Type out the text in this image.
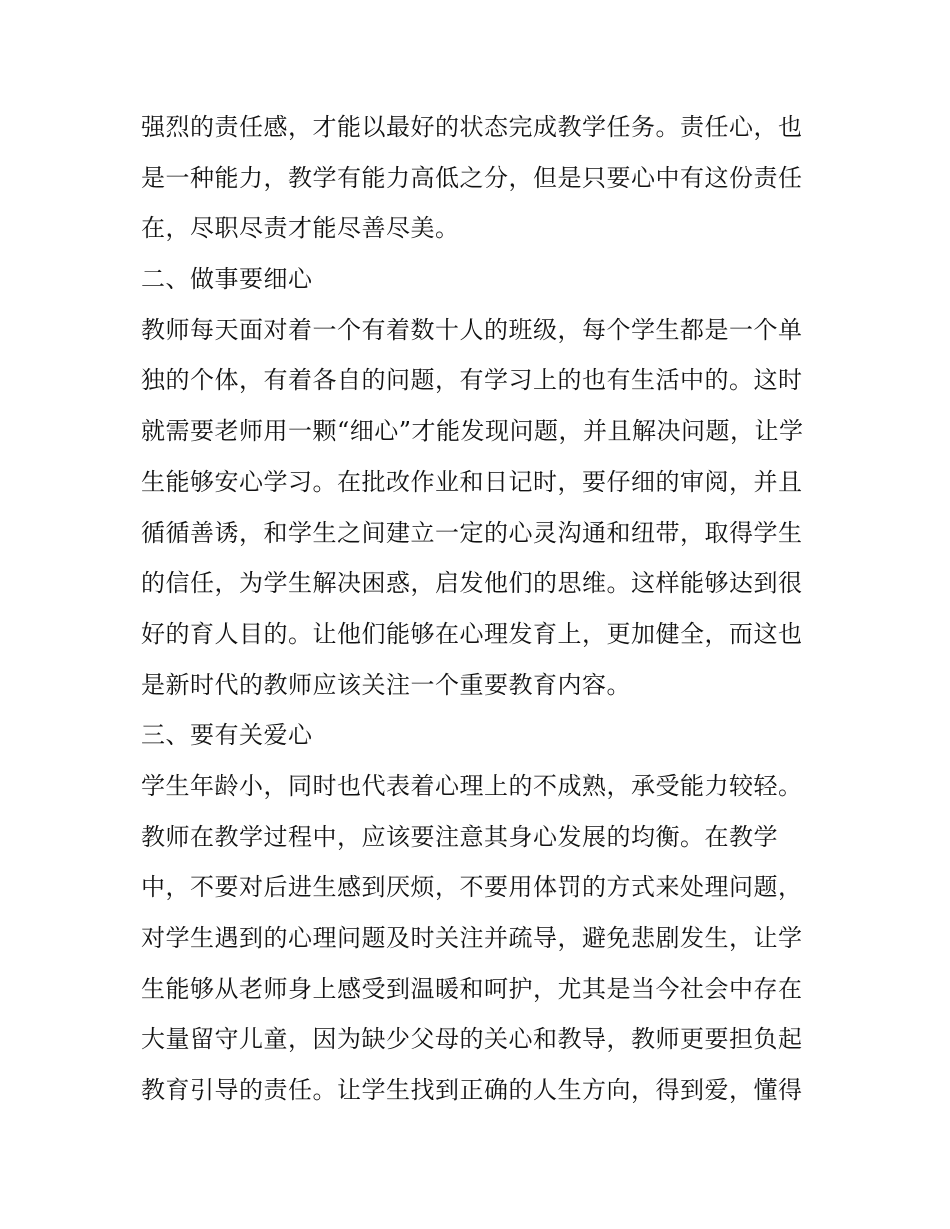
强烈的责任感，才能以最好的状态完成教学任务。责任心，也
是一种能力，教学有能力高低之分，但是只要心中有这份责任
在，尽职尽责才能尽善尽美。
二、做事要细心
教师每天面对着一个有着数十人的班级，每个学生都是一个单
独的个体，有着各自的问题，有学习上的也有生活中的。这时
就需要老师用一颗“细心”才能发现问题，并且解决问题，让学
生能够安心学习。在批改作业和日记时，要仔细的审阅，并且
循循善诱，和学生之间建立一定的心灵沟通和纽带，取得学生
的信任，为学生解决困惑，启发他们的思维。这样能够达到很
好的育人目的。让他们能够在心理发育上，更加健全，而这也
是新时代的教师应该关注一个重要教育内容。
三、要有关爱心
学生年龄小，同时也代表着心理上的不成熟，承受能力较轻。
教师在教学过程中，应该要注意其身心发展的均衡。在教学
中，不要对后进生感到厌烦，不要用体罚的方式来处理问题，
对学生遇到的心理问题及时关注并疏导，避免悲剧发生，让学
生能够从老师身上感受到温暖和呵护，尤其是当今社会中存在
大量留守儿童，因为缺少父母的关心和教导，教师更要担负起
教育引导的责任。让学生找到正确的人生方向，得到爱，懂得
